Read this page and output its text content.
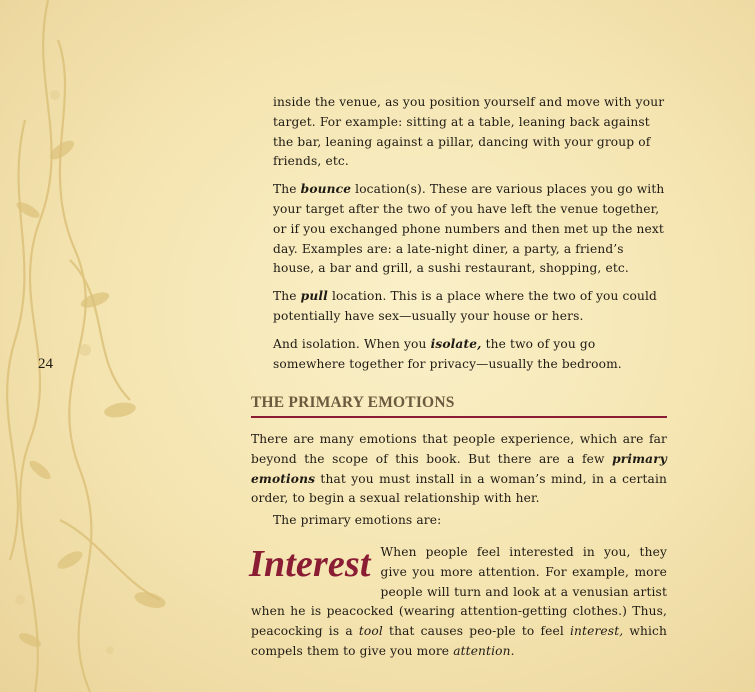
24

inside the venue, as you position yourself and move with your target. For example: sitting at a table, leaning back against the bar, leaning against a pillar, dancing with your group of friends, etc.

The bounce location(s). These are various places you go with your target after the two of you have left the venue together, or if you exchanged phone numbers and then met up the next day. Examples are: a late-night diner, a party, a friend’s house, a bar and grill, a sushi restaurant, shopping, etc.

The pull location. This is a place where the two of you could potentially have sex—usually your house or hers.

And isolation. When you isolate, the two of you go somewhere together for privacy—usually the bedroom.

THE PRIMARY EMOTIONS

There are many emotions that people experience, which are far beyond the scope of this book. But there are a few primary emotions that you must install in a woman’s mind, in a certain order, to begin a sexual relationship with her.

The primary emotions are:

Interest When people feel interested in you, they give you more attention. For example, more people will turn and look at a venusian artist when he is peacocked (wearing attention-getting clothes.) Thus, peacocking is a tool that causes peo-ple to feel interest, which compels them to give you more attention.
